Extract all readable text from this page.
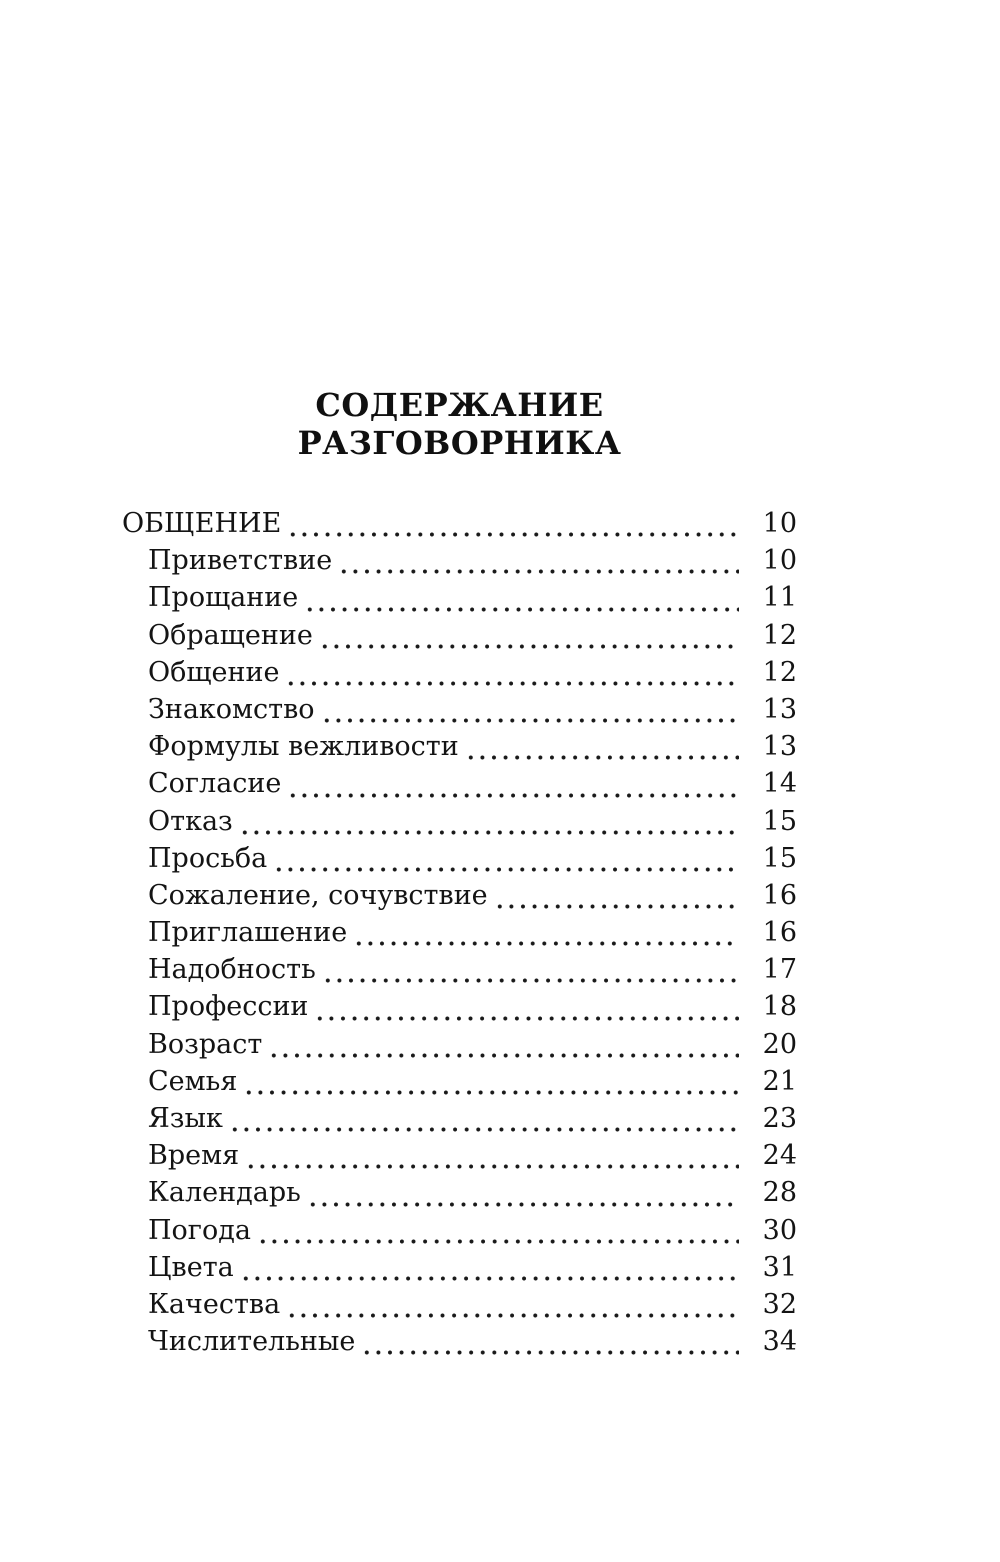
СОДЕРЖАНИЕ
РАЗГОВОРНИКА
ОБЩЕНИЕ	10
Приветствие	10
Прощание	11
Обращение	12
Общение	12
Знакомство	13
Формулы вежливости	13
Согласие	14
Отказ	15
Просьба	15
Сожаление, сочувствие	16
Приглашение	16
Надобность	17
Профессии	18
Возраст	20
Семья	21
Язык	23
Время	24
Календарь	28
Погода	30
Цвета	31
Качества	32
Числительные	34
